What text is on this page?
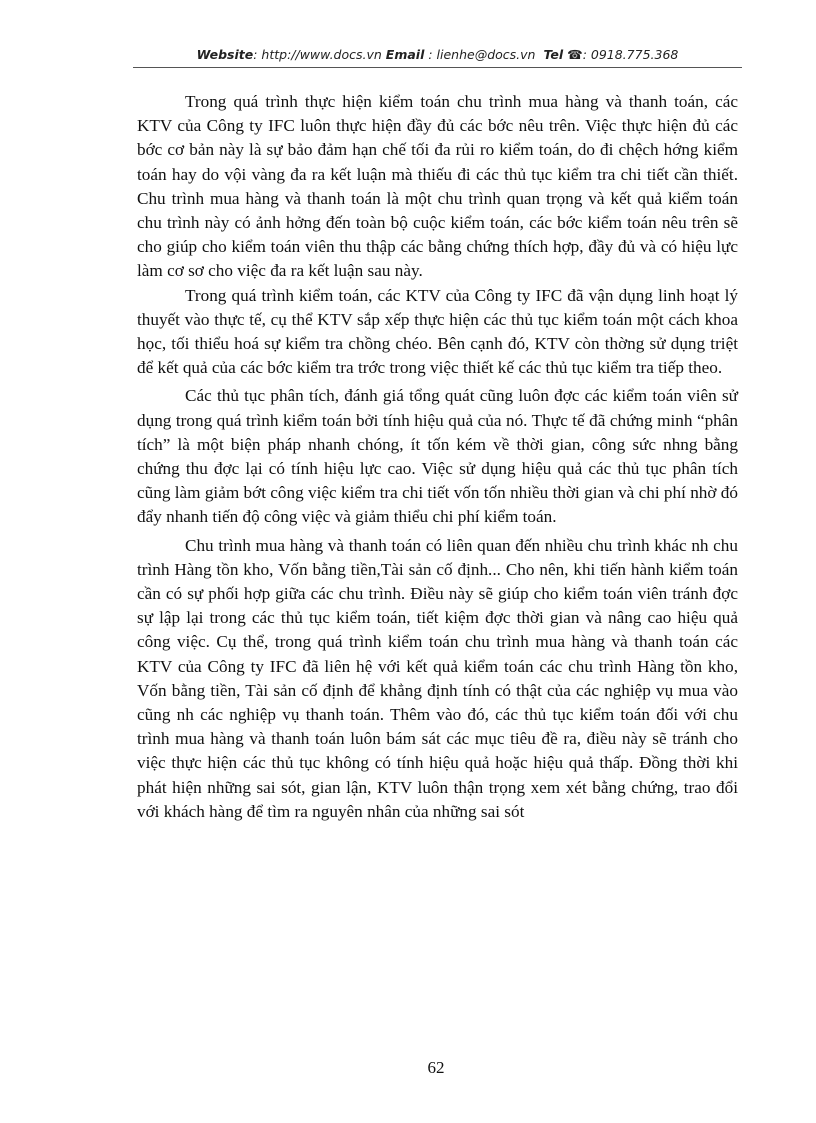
Website: http://www.docs.vn Email : lienhe@docs.vn Tel ☎: 0918.775.368

Trong quá trình thực hiện kiểm toán chu trình mua hàng và thanh toán, các KTV của Công ty IFC luôn thực hiện đầy đủ các bớc nêu trên. Việc thực hiện đủ các bớc cơ bản này là sự bảo đảm hạn chế tối đa rủi ro kiểm toán, do đi chệch hớng kiểm toán hay do vội vàng đa ra kết luận mà thiếu đi các thủ tục kiểm tra chi tiết cần thiết. Chu trình mua hàng và thanh toán là một chu trình quan trọng và kết quả kiểm toán chu trình này có ảnh hởng đến toàn bộ cuộc kiểm toán, các bớc kiểm toán nêu trên sẽ cho giúp cho kiểm toán viên thu thập các bằng chứng thích hợp, đầy đủ và có hiệu lực làm cơ sơ cho việc đa ra kết luận sau này.

Trong quá trình kiểm toán, các KTV của Công ty IFC đã vận dụng linh hoạt lý thuyết vào thực tế, cụ thể KTV sắp xếp thực hiện các thủ tục kiểm toán một cách khoa học, tối thiểu hoá sự kiểm tra chồng chéo. Bên cạnh đó, KTV còn thờng sử dụng triệt để kết quả của các bớc kiểm tra trớc trong việc thiết kế các thủ tục kiểm tra tiếp theo.

Các thủ tục phân tích, đánh giá tổng quát cũng luôn đợc các kiểm toán viên sử dụng trong quá trình kiểm toán bởi tính hiệu quả của nó. Thực tế đã chứng minh “phân tích” là một biện pháp nhanh chóng, ít tốn kém về thời gian, công sức nhng bằng chứng thu đợc lại có tính hiệu lực cao. Việc sử dụng hiệu quả các thủ tục phân tích cũng làm giảm bớt công việc kiểm tra chi tiết vốn tốn nhiều thời gian và chi phí nhờ đó đẩy nhanh tiến độ công việc và giảm thiểu chi phí kiểm toán.

Chu trình mua hàng và thanh toán có liên quan đến nhiều chu trình khác nh chu trình Hàng tồn kho, Vốn bằng tiền,Tài sản cố định... Cho nên, khi tiến hành kiểm toán cần có sự phối hợp giữa các chu trình. Điều này sẽ giúp cho kiểm toán viên tránh đợc sự lập lại trong các thủ tục kiểm toán, tiết kiệm đợc thời gian và nâng cao hiệu quả công việc. Cụ thể, trong quá trình kiểm toán chu trình mua hàng và thanh toán các KTV của Công ty IFC đã liên hệ với kết quả kiểm toán các chu trình Hàng tồn kho, Vốn bằng tiền, Tài sản cố định để khẳng định tính có thật của các nghiệp vụ mua vào cũng nh các nghiệp vụ thanh toán. Thêm vào đó, các thủ tục kiểm toán đối với chu trình mua hàng và thanh toán luôn bám sát các mục tiêu đề ra, điều này sẽ tránh cho việc thực hiện các thủ tục không có tính hiệu quả hoặc hiệu quả thấp. Đồng thời khi phát hiện những sai sót, gian lận, KTV luôn thận trọng xem xét bằng chứng, trao đổi với khách hàng để tìm ra nguyên nhân của những sai sót

62
